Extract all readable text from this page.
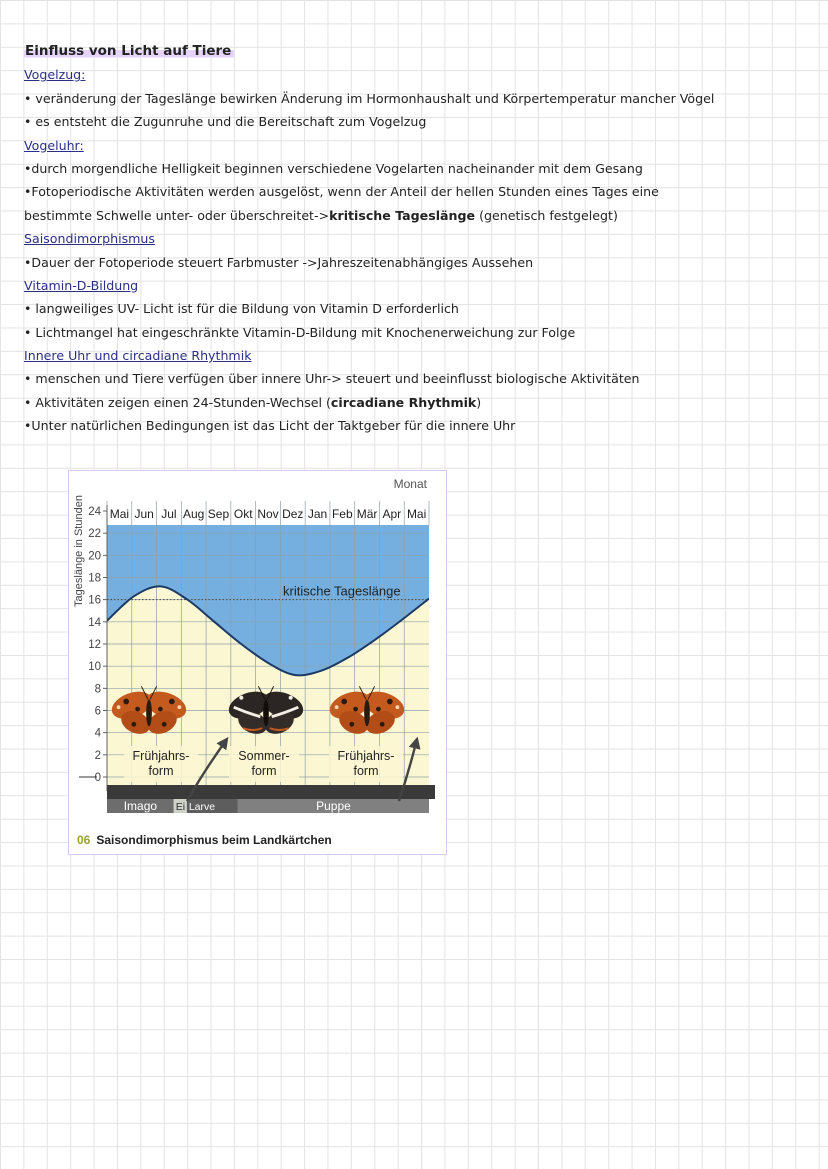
Einfluss von Licht auf Tiere
Vogelzug:
• veränderung der Tageslänge bewirken Änderung im Hormonhaushalt und Körpertemperatur mancher Vögel
• es entsteht die Zugunruhe und die Bereitschaft zum Vogelzug
Vogeluhr:
•durch morgendliche Helligkeit beginnen verschiedene Vogelarten nacheinander mit dem Gesang
•Fotoperiodische Aktivitäten werden ausgelöst, wenn der Anteil der hellen Stunden eines Tages eine
bestimmte Schwelle unter- oder überschreitet->kritische Tageslänge (genetisch festgelegt)
Saisondimorphismus
•Dauer der Fotoperiode steuert Farbmuster ->Jahreszeitenabhängiges Aussehen
Vitamin-D-Bildung
• langweiliges UV- Licht ist für die Bildung von Vitamin D erforderlich
• Lichtmangel hat eingeschränkte Vitamin-D-Bildung mit Knochenerweichung zur Folge
Innere Uhr und circadiane Rhythmik
• menschen und Tiere verfügen über innere Uhr-> steuert und beeinflusst biologische Aktivitäten
• Aktivitäten zeigen einen 24-Stunden-Wechsel (circadiane Rhythmik)
•Unter natürlichen Bedingungen ist das Licht der Taktgeber für die innere Uhr
Mai Jun Jul Aug Sep Okt Nov Dez Jan Feb Mär Apr Mai
kritische Tageslänge
0
2
4
6
8
10
12
14
16
18
20
22
24
Tageslänge in Stunden
Monat
Imago Ei Larve	Puppe
Frühjahrs-
form
Sommer-
form
Frühjahrs-
form
06 Saisondimorphismus beim Landkärtchen
